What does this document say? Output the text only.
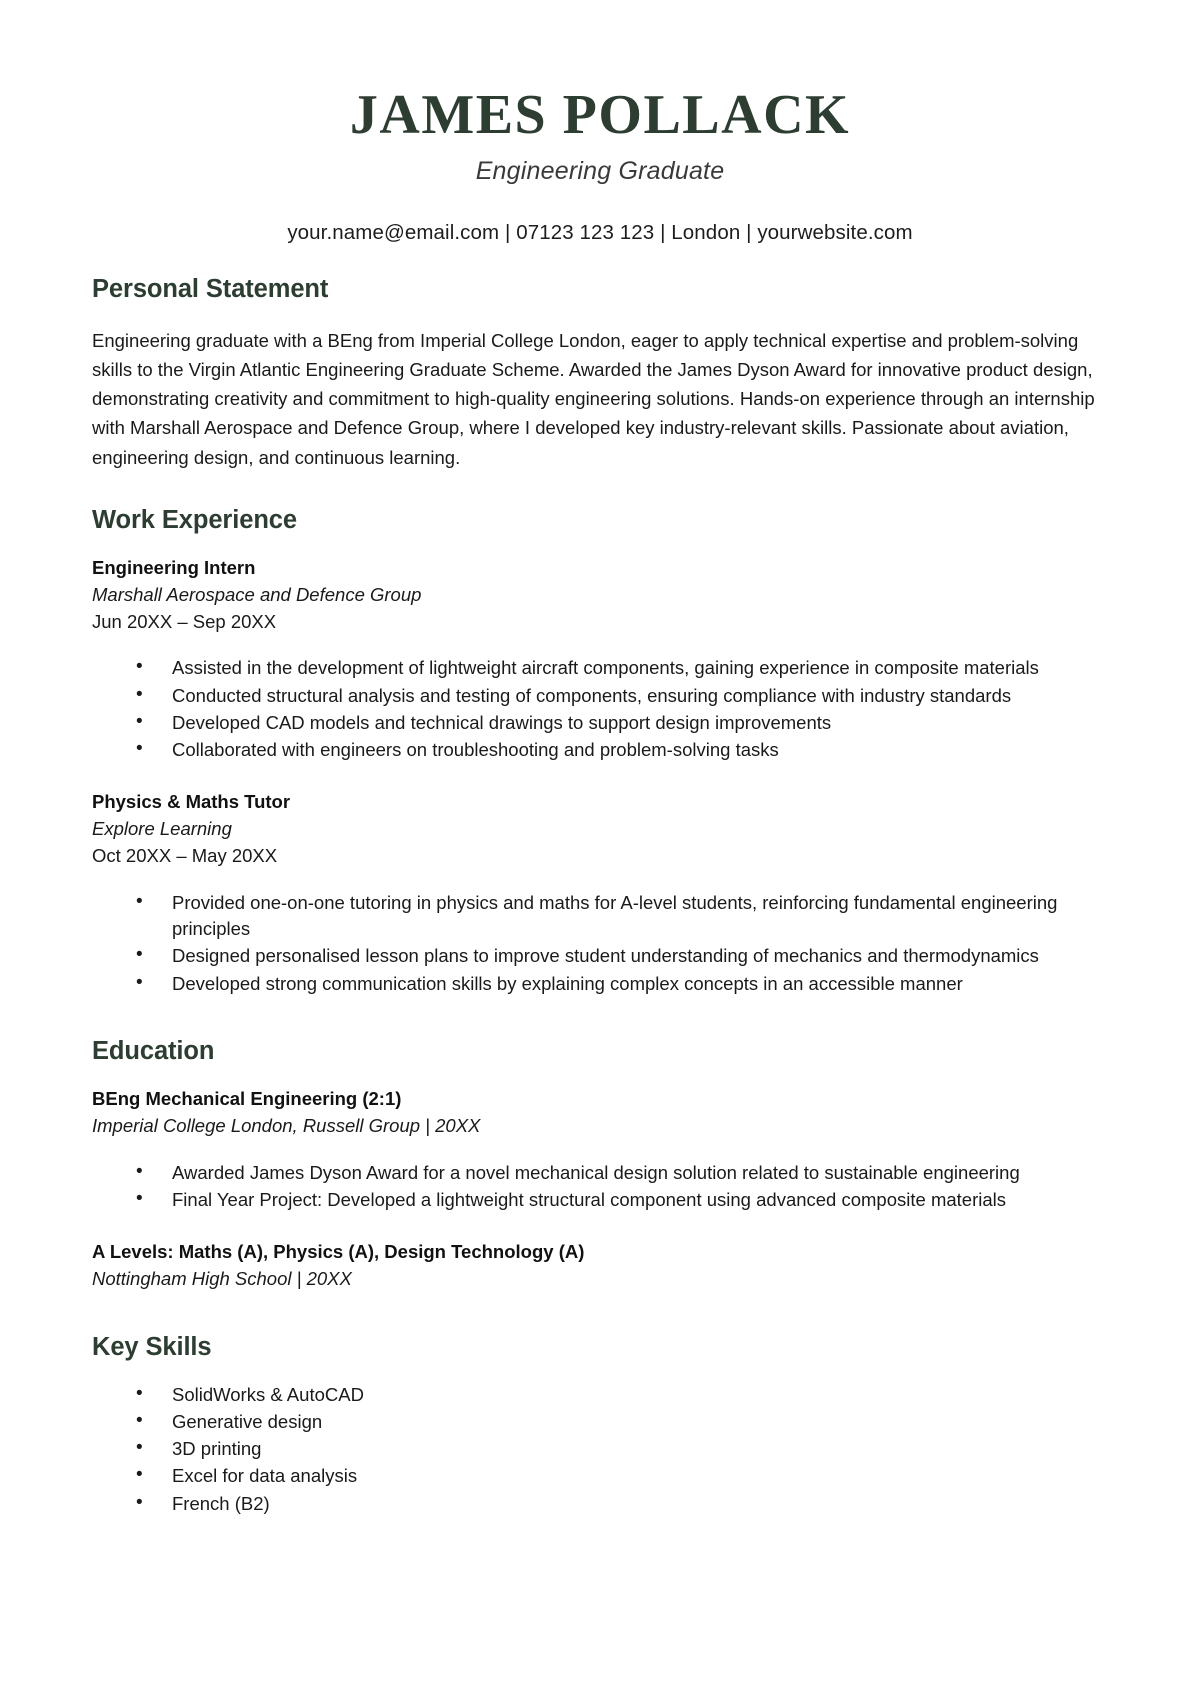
JAMES POLLACK
Engineering Graduate
your.name@email.com | 07123 123 123 | London | yourwebsite.com
Personal Statement
Engineering graduate with a BEng from Imperial College London, eager to apply technical expertise and problem-solving skills to the Virgin Atlantic Engineering Graduate Scheme. Awarded the James Dyson Award for innovative product design, demonstrating creativity and commitment to high-quality engineering solutions. Hands-on experience through an internship with Marshall Aerospace and Defence Group, where I developed key industry-relevant skills. Passionate about aviation, engineering design, and continuous learning.
Work Experience
Engineering Intern
Marshall Aerospace and Defence Group
Jun 20XX – Sep 20XX
• Assisted in the development of lightweight aircraft components, gaining experience in composite materials
• Conducted structural analysis and testing of components, ensuring compliance with industry standards
• Developed CAD models and technical drawings to support design improvements
• Collaborated with engineers on troubleshooting and problem-solving tasks
Physics & Maths Tutor
Explore Learning
Oct 20XX – May 20XX
• Provided one-on-one tutoring in physics and maths for A-level students, reinforcing fundamental engineering principles
• Designed personalised lesson plans to improve student understanding of mechanics and thermodynamics
• Developed strong communication skills by explaining complex concepts in an accessible manner
Education
BEng Mechanical Engineering (2:1)
Imperial College London, Russell Group | 20XX
• Awarded James Dyson Award for a novel mechanical design solution related to sustainable engineering
• Final Year Project: Developed a lightweight structural component using advanced composite materials
A Levels: Maths (A), Physics (A), Design Technology (A)
Nottingham High School | 20XX
Key Skills
• SolidWorks & AutoCAD
• Generative design
• 3D printing
• Excel for data analysis
• French (B2)
